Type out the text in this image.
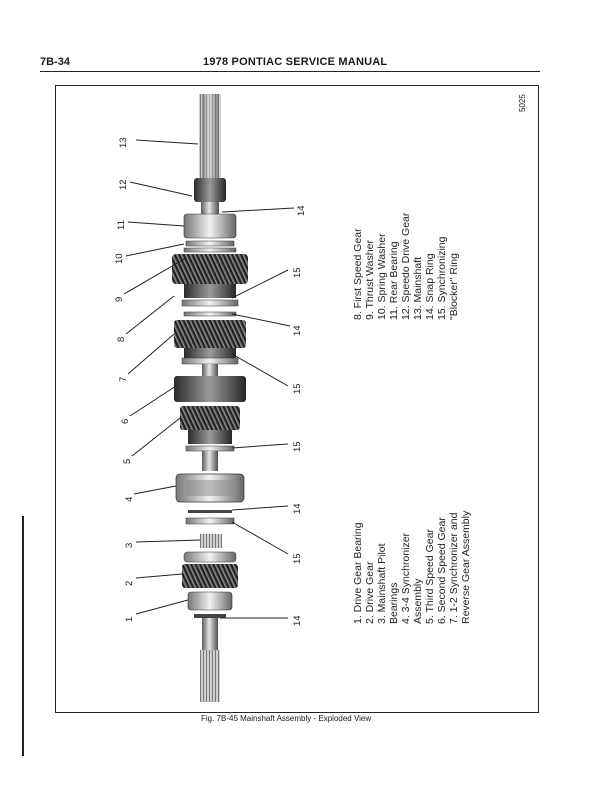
7B-34	1978 PONTIAC SERVICE MANUAL
5025
13
12
11
10
9
8
7
6
5
4
3
2
1
14
15
14
15
15
14
15
14	1. Drive Gear Bearing 2. Drive Gear 3. Mainshaft Pilot Bearings 4. 3-4 Synchronizer Assembly 5. Third Speed Gear 6. Second Speed Gear 7. 1-2 Synchronizer and Reverse Gear Assembly
8. First Speed Gear 9. Thrust Washer 10. Spring Washer 11. Rear Bearing 12. Speedo Drive Gear 13. Mainshaft 14. Snap Ring 15. Synchronizing "Blocker" Ring
Fig. 7B-45 Mainshaft Assembly - Exploded View
